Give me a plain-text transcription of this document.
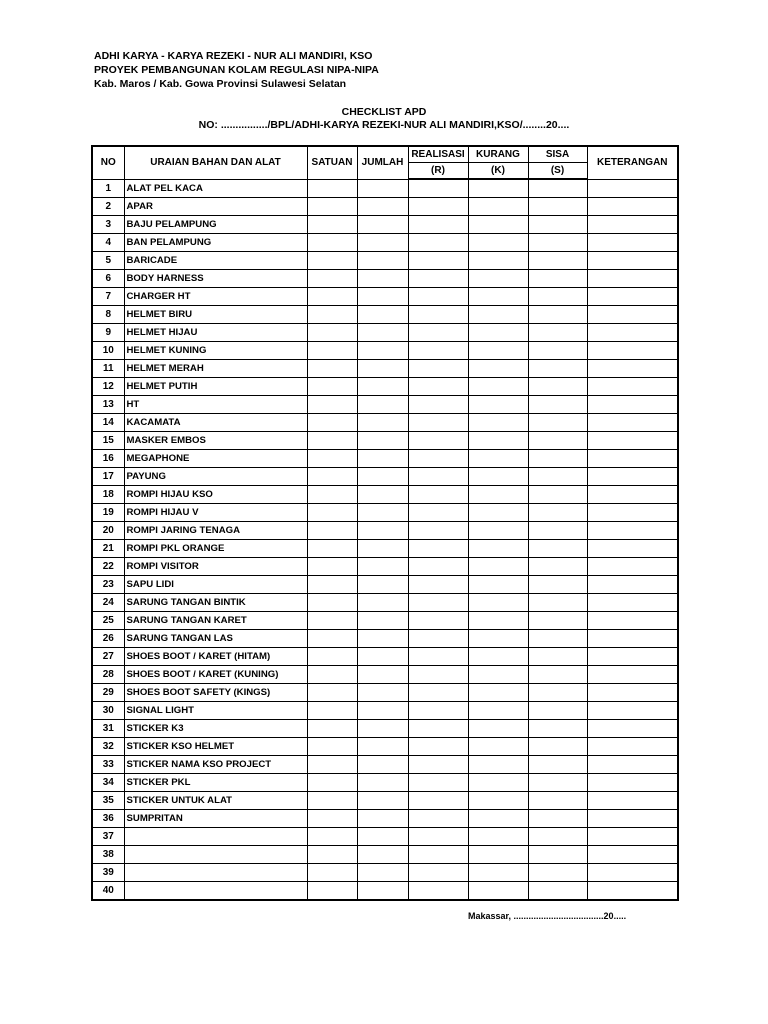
ADHI KARYA - KARYA REZEKI - NUR ALI MANDIRI, KSO
PROYEK PEMBANGUNAN KOLAM REGULASI NIPA-NIPA
Kab. Maros / Kab. Gowa Provinsi Sulawesi Selatan
CHECKLIST APD
NO: ................/BPL/ADHI-KARYA REZEKI-NUR ALI MANDIRI,KSO/........20....
NO	URAIAN BAHAN DAN ALAT	SATUAN	JUMLAH	REALISASI	KURANG	SISA	KETERANGAN
				(R)	(K)	(S)	
1	ALAT PEL KACA						
2	APAR						
3	BAJU PELAMPUNG						
4	BAN PELAMPUNG						
5	BARICADE						
6	BODY HARNESS						
7	CHARGER HT						
8	HELMET BIRU						
9	HELMET HIJAU						
10	HELMET KUNING						
11	HELMET MERAH						
12	HELMET PUTIH						
13	HT						
14	KACAMATA						
15	MASKER EMBOS						
16	MEGAPHONE						
17	PAYUNG						
18	ROMPI HIJAU KSO						
19	ROMPI HIJAU V						
20	ROMPI JARING TENAGA						
21	ROMPI PKL ORANGE						
22	ROMPI VISITOR						
23	SAPU LIDI						
24	SARUNG TANGAN BINTIK						
25	SARUNG TANGAN KARET						
26	SARUNG TANGAN LAS						
27	SHOES BOOT / KARET (HITAM)						
28	SHOES BOOT / KARET (KUNING)						
29	SHOES BOOT SAFETY (KINGS)						
30	SIGNAL LIGHT						
31	STICKER K3						
32	STICKER KSO HELMET						
33	STICKER NAMA KSO PROJECT						
34	STICKER PKL						
35	STICKER UNTUK ALAT						
36	SUMPRITAN						
37							
38							
39							
40							
Makassar, ....................................20.....
